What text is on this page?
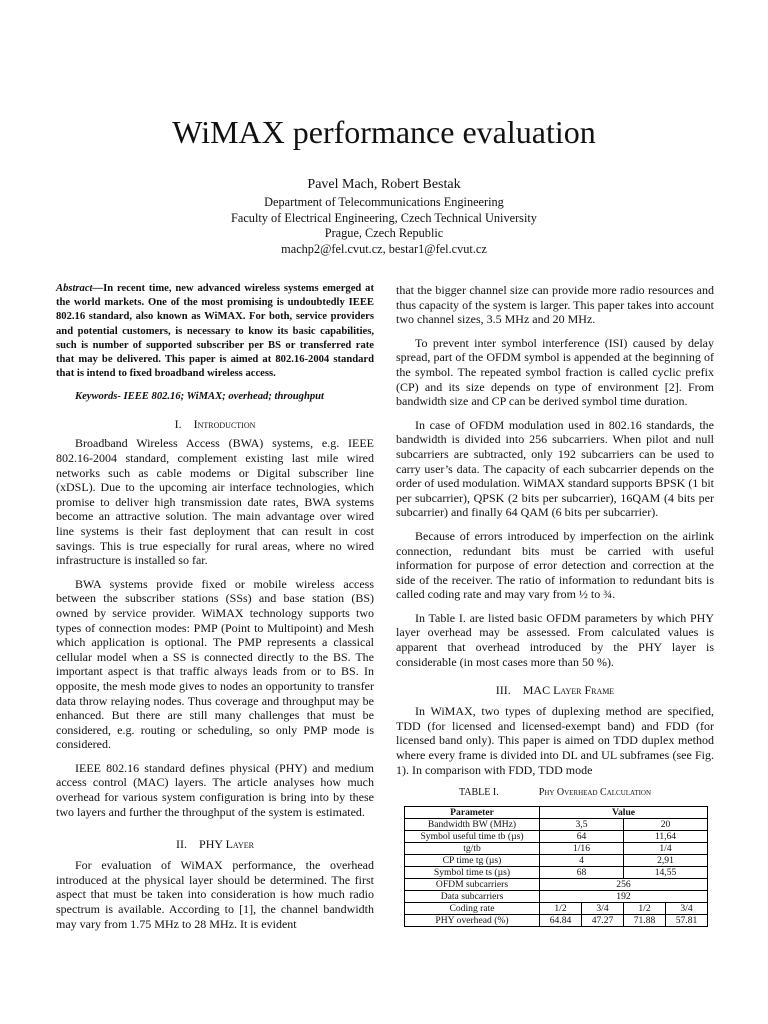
WiMAX performance evaluation
Pavel Mach, Robert Bestak
Department of Telecommunications Engineering
Faculty of Electrical Engineering, Czech Technical University
Prague, Czech Republic
machp2@fel.cvut.cz, bestar1@fel.cvut.cz

Abstract—In recent time, new advanced wireless systems emerged at the world markets. One of the most promising is undoubtedly IEEE 802.16 standard, also known as WiMAX. For both, service providers and potential customers, is necessary to know its basic capabilities, such is number of supported subscriber per BS or transferred rate that may be delivered. This paper is aimed at 802.16-2004 standard that is intend to fixed broadband wireless access.

Keywords- IEEE 802.16; WiMAX; overhead; throughput

I. Introduction

Broadband Wireless Access (BWA) systems, e.g. IEEE 802.16-2004 standard, complement existing last mile wired networks such as cable modems or Digital subscriber line (xDSL). Due to the upcoming air interface technologies, which promise to deliver high transmission date rates, BWA systems become an attractive solution. The main advantage over wired line systems is their fast deployment that can result in cost savings. This is true especially for rural areas, where no wired infrastructure is installed so far.

BWA systems provide fixed or mobile wireless access between the subscriber stations (SSs) and base station (BS) owned by service provider. WiMAX technology supports two types of connection modes: PMP (Point to Multipoint) and Mesh which application is optional. The PMP represents a classical cellular model when a SS is connected directly to the BS. The important aspect is that traffic always leads from or to BS. In opposite, the mesh mode gives to nodes an opportunity to transfer data throw relaying nodes. Thus coverage and throughput may be enhanced. But there are still many challenges that must be considered, e.g. routing or scheduling, so only PMP mode is considered.

IEEE 802.16 standard defines physical (PHY) and medium access control (MAC) layers. The article analyses how much overhead for various system configuration is bring into by these two layers and further the throughput of the system is estimated.

II. PHY Layer

For evaluation of WiMAX performance, the overhead introduced at the physical layer should be determined. The first aspect that must be taken into consideration is how much radio spectrum is available. According to [1], the channel bandwidth may vary from 1.75 MHz to 28 MHz. It is evident

that the bigger channel size can provide more radio resources and thus capacity of the system is larger. This paper takes into account two channel sizes, 3.5 MHz and 20 MHz.

To prevent inter symbol interference (ISI) caused by delay spread, part of the OFDM symbol is appended at the beginning of the symbol. The repeated symbol fraction is called cyclic prefix (CP) and its size depends on type of environment [2]. From bandwidth size and CP can be derived symbol time duration.

In case of OFDM modulation used in 802.16 standards, the bandwidth is divided into 256 subcarriers. When pilot and null subcarriers are subtracted, only 192 subcarriers can be used to carry user’s data. The capacity of each subcarrier depends on the order of used modulation. WiMAX standard supports BPSK (1 bit per subcarrier), QPSK (2 bits per subcarrier), 16QAM (4 bits per subcarrier) and finally 64 QAM (6 bits per subcarrier).

Because of errors introduced by imperfection on the airlink connection, redundant bits must be carried with useful information for purpose of error detection and correction at the side of the receiver. The ratio of information to redundant bits is called coding rate and may vary from ½ to ¾.

In Table I. are listed basic OFDM parameters by which PHY layer overhead may be assessed. From calculated values is apparent that overhead introduced by the PHY layer is considerable (in most cases more than 50 %).

III. MAC Layer Frame

In WiMAX, two types of duplexing method are specified, TDD (for licensed and licensed-exempt band) and FDD (for licensed band only). This paper is aimed on TDD duplex method where every frame is divided into DL and UL subframes (see Fig. 1). In comparison with FDD, TDD mode

TABLE I.	Phy Overhead Calculation
Parameter	Value			
Bandwidth BW (MHz)	3,5		20	
Symbol useful time tb (µs)	64		11,64	
tg/tb	1/16		1/4	
CP time tg (µs)	4		2,91	
Symbol time ts (µs)	68		14,55	
OFDM subcarriers	256			
Data subcarriers	192			
Coding rate	1/2	3/4	1/2	3/4
PHY overhead (%)	64.84	47.27	71.88	57.81
